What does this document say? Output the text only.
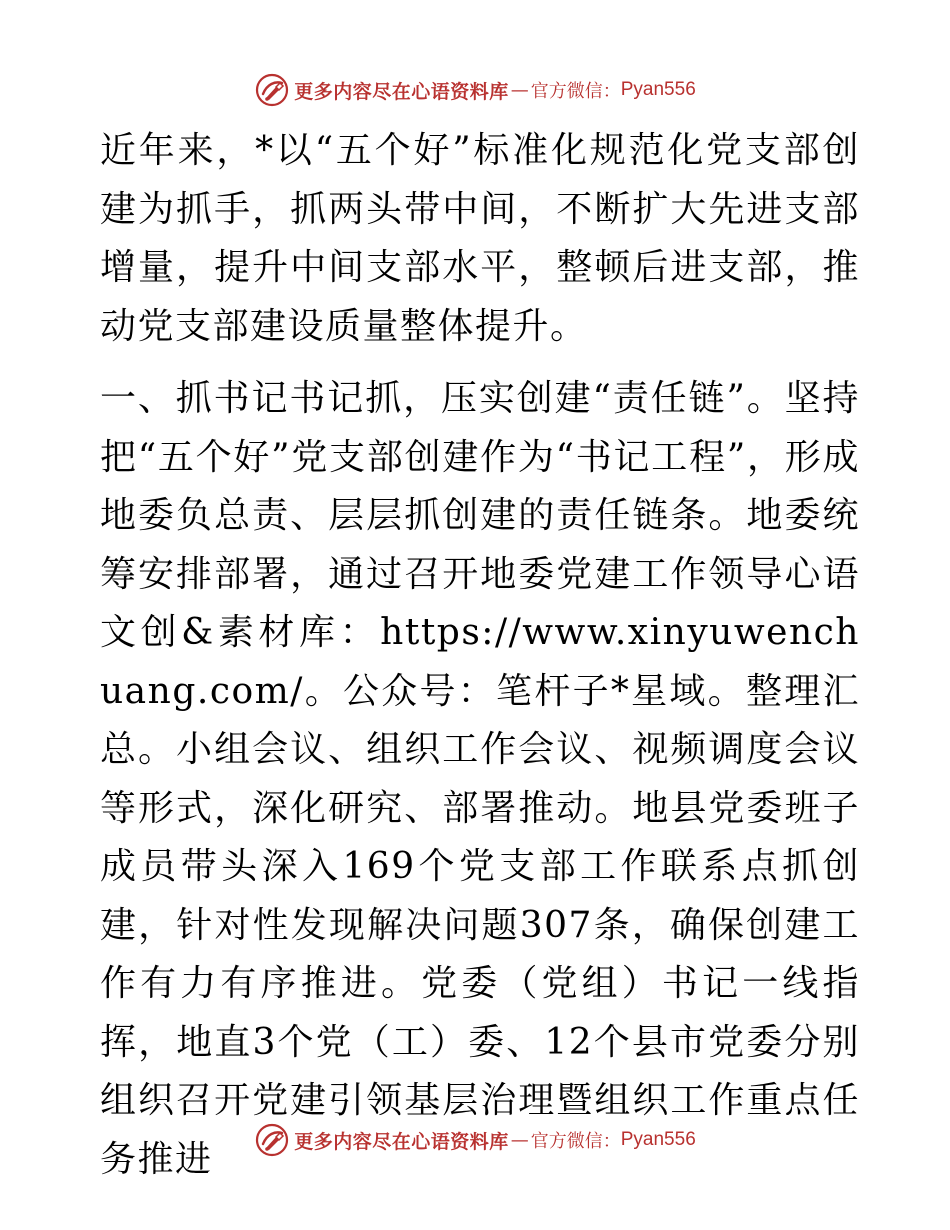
更多内容尽在心语资料库 — 官方微信： Pyan556

近年来，*以“五个好”标准化规范化党支部创建为抓手，抓两头带中间，不断扩大先进支部增量，提升中间支部水平，整顿后进支部，推动党支部建设质量整体提升。

一、抓书记书记抓，压实创建“责任链”。坚持把“五个好”党支部创建作为“书记工程”，形成地委负总责、层层抓创建的责任链条。地委统筹安排部署，通过召开地委党建工作领导心语文创&素材库：https://www.xinyuwenchuang.com/。公众号：笔杆子*星域。整理汇总。小组会议、组织工作会议、视频调度会议等形式，深化研究、部署推动。地县党委班子成员带头深入169个党支部工作联系点抓创建，针对性发现解决问题307条，确保创建工作有力有序推进。党委（党组）书记一线指挥，地直3个党（工）委、12个县市党委分别组织召开党建引领基层治理暨组织工作重点任务推进	更多内容尽在心语资料库 — 官方微信： Pyan556
